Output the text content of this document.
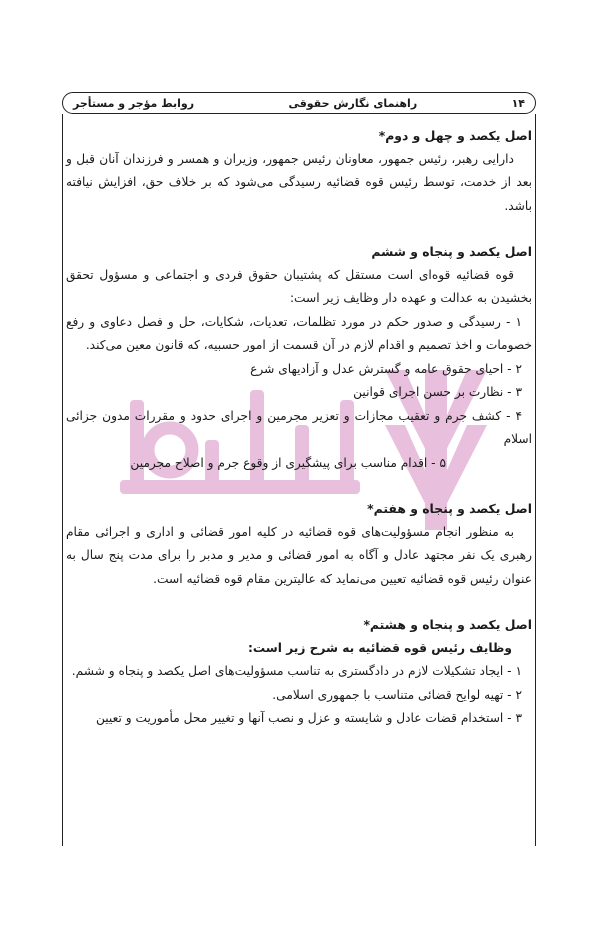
۱۴
راهنمای نگارش حقوقی
روابط مؤجر و مستأجر

اصل یکصد و چهل و دوم*

دارایی رهبر، رئیس جمهور، معاونان رئیس جمهور، وزیران و همسر و فرزندان آنان قبل و بعد از خدمت، توسط رئیس قوه قضائیه رسیدگی می‌شود که بر خلاف حق، افزایش نیافته باشد.

اصل یکصد و پنجاه و ششم

قوه قضائیه قوه‌ای است مستقل که پشتیبان حقوق فردی و اجتماعی و مسؤول تحقق بخشیدن به عدالت و عهده دار وظایف زیر است:

۱ - رسیدگی و صدور حکم در مورد تظلمات، تعدیات، شکایات، حل و فصل دعاوی و رفع خصومات و اخذ تصمیم و اقدام لازم در آن قسمت از امور حسبیه، که قانون معین می‌کند.

۲ - احیای حقوق عامه و گسترش عدل و آزادیهای شرع

۳ - نظارت بر حسن اجرای قوانین

۴ - کشف جرم و تعقیب مجازات و تعزیر مجرمین و اجرای حدود و مقررات مدون جزائی اسلام

۵ - اقدام مناسب برای پیشگیری از وقوع جرم و اصلاح مجرمین

اصل یکصد و پنجاه و هفتم*

به منظور انجام مسؤولیت‌های قوه قضائیه در کلیه امور قضائی و اداری و اجرائی مقام رهبری یک نفر مجتهد عادل و آگاه به امور قضائی و مدیر و مدبر را برای مدت پنج سال به عنوان رئیس قوه قضائیه تعیین می‌نماید که عالیترین مقام قوه قضائیه است.

اصل یکصد و پنجاه و هشتم*

وظایف رئیس قوه قضائیه به شرح زیر است:

۱ - ایجاد تشکیلات لازم در دادگستری به تناسب مسؤولیت‌های اصل یکصد و پنجاه و ششم.

۲ - تهیه لوایح قضائی متناسب با جمهوری اسلامی.

۳ - استخدام قضات عادل و شایسته و عزل و نصب آنها و تغییر محل مأموریت و تعیین
